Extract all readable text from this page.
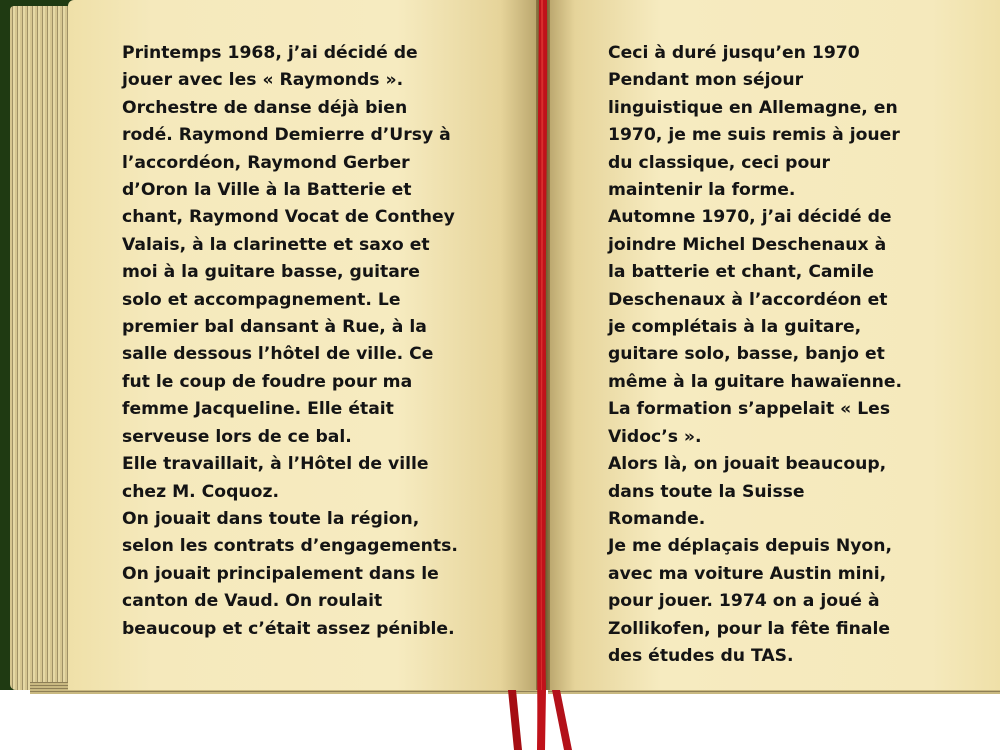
Printemps 1968, j’ai décidé de
jouer avec les « Raymonds ».
Orchestre de danse déjà bien
rodé. Raymond Demierre d’Ursy à
l’accordéon, Raymond Gerber
d’Oron la Ville à la Batterie et
chant, Raymond Vocat de Conthey
Valais, à la clarinette et saxo et
moi à la guitare basse, guitare
solo et accompagnement. Le
premier bal dansant à Rue, à la
salle dessous l’hôtel de ville. Ce
fut le coup de foudre pour ma
femme Jacqueline. Elle était
serveuse lors de ce bal.
Elle travaillait, à l’Hôtel de ville
chez M. Coquoz.
On jouait dans toute la région,
selon les contrats d’engagements.
On jouait principalement dans le
canton de Vaud. On roulait
beaucoup et c’était assez pénible.
Ceci à duré jusqu’en 1970
Pendant mon séjour
linguistique en Allemagne, en
1970, je me suis remis à jouer
du classique, ceci pour
maintenir la forme.
Automne 1970, j’ai décidé de
joindre Michel Deschenaux à
la batterie et chant, Camile
Deschenaux à l’accordéon et
je complétais à la guitare,
guitare solo, basse, banjo et
même à la guitare hawaïenne.
La formation s’appelait « Les
Vidoc’s ».
Alors là, on jouait beaucoup,
dans toute la Suisse
Romande.
Je me déplaçais depuis Nyon,
avec ma voiture Austin mini,
pour jouer. 1974 on a joué à
Zollikofen, pour la fête finale
des études du TAS.
